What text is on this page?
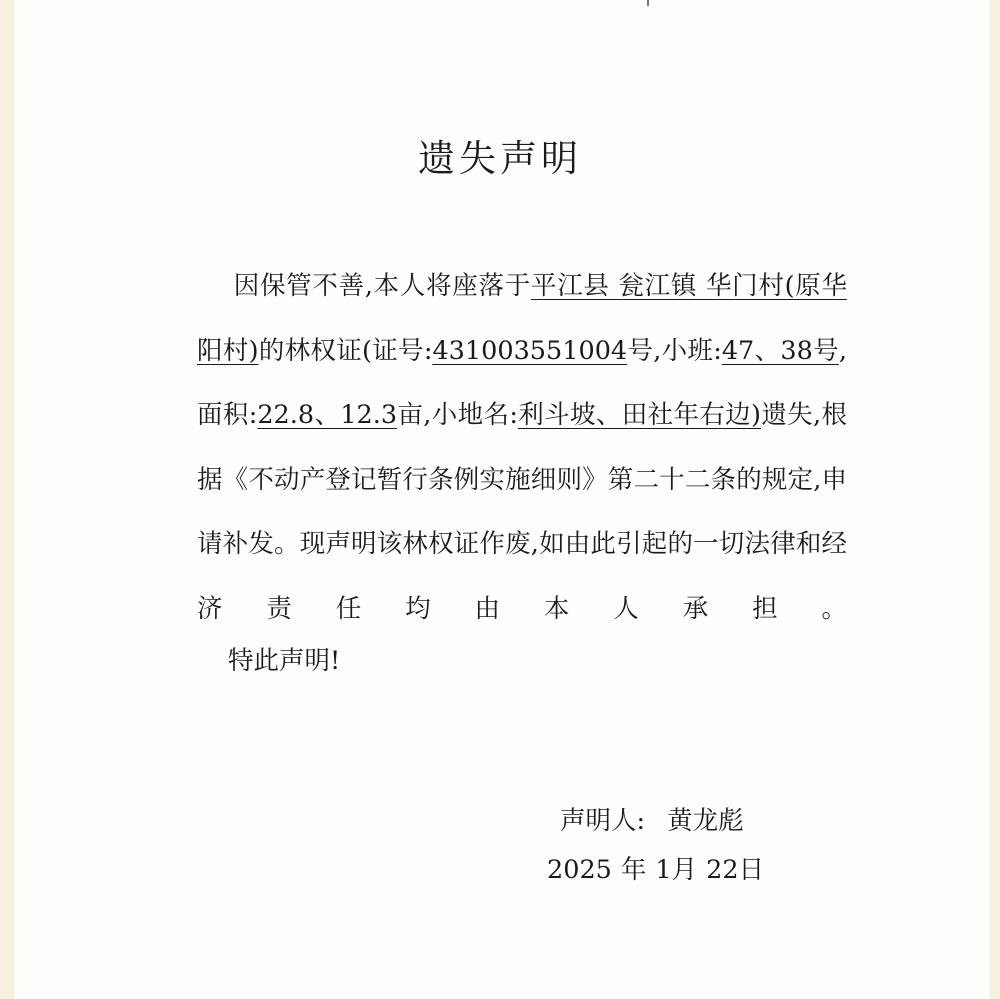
遗失声明

因保管不善,本人将座落于平江县 瓮江镇 华门村(原华阳村)的林权证(证号:431003551004号,小班:47、38号,面积:22.8、12.3亩,小地名:利斗坡、田社年右边)遗失,根据《不动产登记暂行条例实施细则》第二十二条的规定,申请补发。现声明该林权证作废,如由此引起的一切法律和经济责任均由本人承担。

特此声明!

声明人: 黄龙彪
2025 年 1月 22日
